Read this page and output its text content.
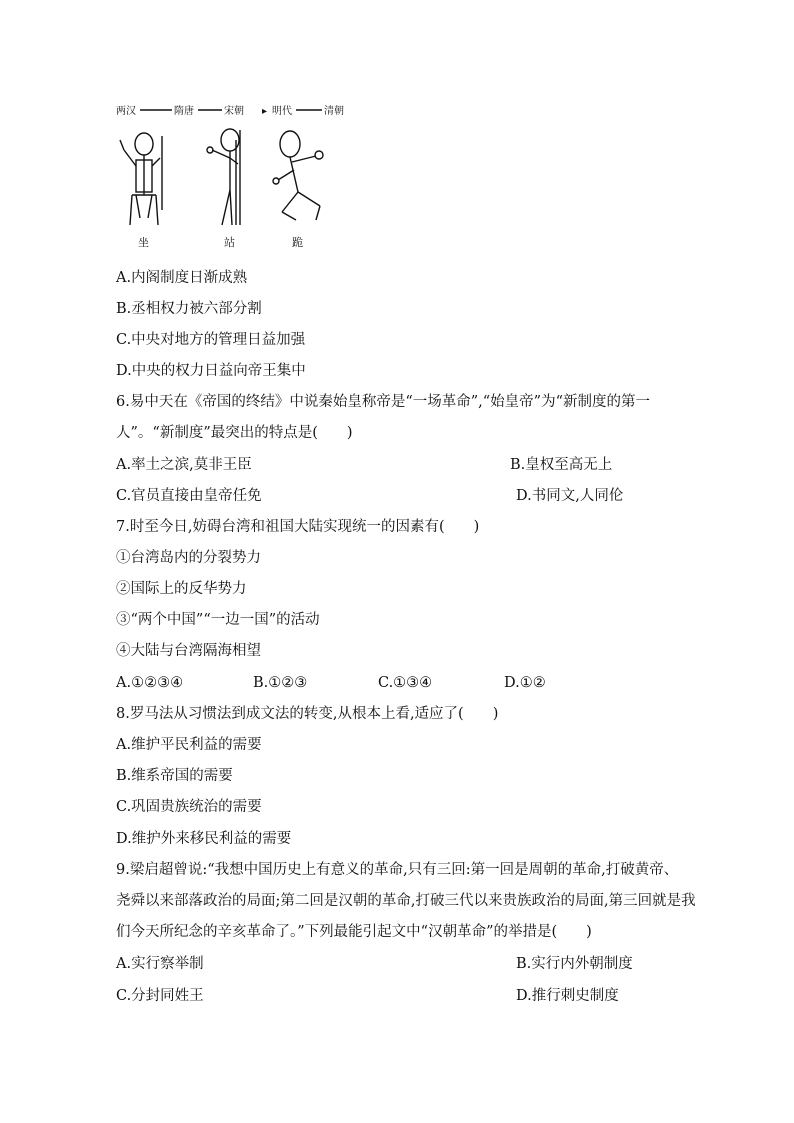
两汉	隋唐	宋朝 ▸ 明代	清朝
坐	站	跪
A.内阁制度日渐成熟
B.丞相权力被六部分割
C.中央对地方的管理日益加强
D.中央的权力日益向帝王集中
6.易中天在《帝国的终结》中说秦始皇称帝是“一场革命”,“始皇帝”为“新制度的第一
人”。“新制度”最突出的特点是(　　)
A.率土之滨,莫非王臣	B.皇权至高无上
C.官员直接由皇帝任免	D.书同文,人同伦
7.时至今日,妨碍台湾和祖国大陆实现统一的因素有(　　)
①台湾岛内的分裂势力
②国际上的反华势力
③“两个中国”“一边一国”的活动
④大陆与台湾隔海相望
A.①②③④	B.①②③	C.①③④	D.①②
8.罗马法从习惯法到成文法的转变,从根本上看,适应了(　　)
A.维护平民利益的需要
B.维系帝国的需要
C.巩固贵族统治的需要
D.维护外来移民利益的需要
9.梁启超曾说:“我想中国历史上有意义的革命,只有三回:第一回是周朝的革命,打破黄帝、
尧舜以来部落政治的局面;第二回是汉朝的革命,打破三代以来贵族政治的局面,第三回就是我
们今天所纪念的辛亥革命了。”下列最能引起文中“汉朝革命”的举措是(　　)
A.实行察举制	B.实行内外朝制度
C.分封同姓王	D.推行刺史制度
